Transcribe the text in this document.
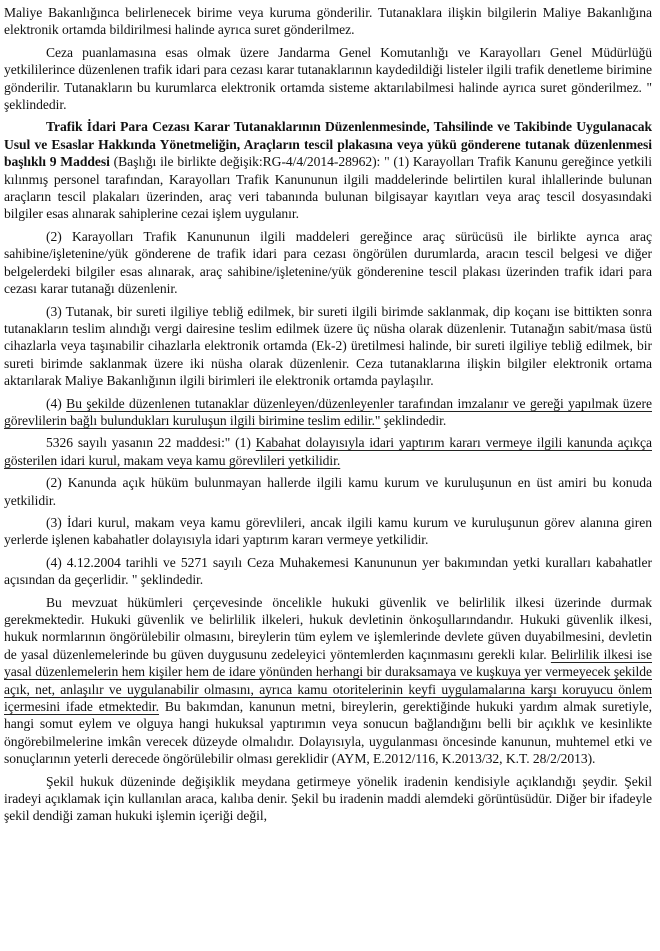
Maliye Bakanlığınca belirlenecek birime veya kuruma gönderilir. Tutanaklara ilişkin bilgilerin Maliye Bakanlığına elektronik ortamda bildirilmesi halinde ayrıca suret gönderilmez.

Ceza puanlamasına esas olmak üzere Jandarma Genel Komutanlığı ve Karayolları Genel Müdürlüğü yetkililerince düzenlenen trafik idari para cezası karar tutanaklarının kaydedildiği listeler ilgili trafik denetleme birimine gönderilir. Tutanakların bu kurumlarca elektronik ortamda sisteme aktarılabilmesi halinde ayrıca suret gönderilmez. " şeklindedir.

Trafik İdari Para Cezası Karar Tutanaklarının Düzenlenmesinde, Tahsilinde ve Takibinde Uygulanacak Usul ve Esaslar Hakkında Yönetmeliğin, Araçların tescil plakasına veya yükü gönderene tutanak düzenlenmesi başlıklı 9 Maddesi (Başlığı ile birlikte değişik:RG-4/4/2014-28962): " (1) Karayolları Trafik Kanunu gereğince yetkili kılınmış personel tarafından, Karayolları Trafik Kanununun ilgili maddelerinde belirtilen kural ihlallerinde bulunan araçların tescil plakaları üzerinden, araç veri tabanında bulunan bilgisayar kayıtları veya araç tescil dosyasındaki bilgiler esas alınarak sahiplerine cezai işlem uygulanır.

(2) Karayolları Trafik Kanununun ilgili maddeleri gereğince araç sürücüsü ile birlikte ayrıca araç sahibine/işletenine/yük gönderene de trafik idari para cezası öngörülen durumlarda, aracın tescil belgesi ve diğer belgelerdeki bilgiler esas alınarak, araç sahibine/işletenine/yük gönderenine tescil plakası üzerinden trafik idari para cezası karar tutanağı düzenlenir.

(3) Tutanak, bir sureti ilgiliye tebliğ edilmek, bir sureti ilgili birimde saklanmak, dip koçanı ise bittikten sonra tutanakların teslim alındığı vergi dairesine teslim edilmek üzere üç nüsha olarak düzenlenir. Tutanağın sabit/masa üstü cihazlarla veya taşınabilir cihazlarla elektronik ortamda (Ek-2) üretilmesi halinde, bir sureti ilgiliye tebliğ edilmek, bir sureti birimde saklanmak üzere iki nüsha olarak düzenlenir. Ceza tutanaklarına ilişkin bilgiler elektronik ortama aktarılarak Maliye Bakanlığının ilgili birimleri ile elektronik ortamda paylaşılır.

(4) Bu şekilde düzenlenen tutanaklar düzenleyen/düzenleyenler tarafından imzalanır ve gereği yapılmak üzere görevlilerin bağlı bulundukları kuruluşun ilgili birimine teslim edilir." şeklindedir.

5326 sayılı yasanın 22 maddesi:" (1) Kabahat dolayısıyla idari yaptırım kararı vermeye ilgili kanunda açıkça gösterilen idari kurul, makam veya kamu görevlileri yetkilidir.

(2) Kanunda açık hüküm bulunmayan hallerde ilgili kamu kurum ve kuruluşunun en üst amiri bu konuda yetkilidir.

(3) İdari kurul, makam veya kamu görevlileri, ancak ilgili kamu kurum ve kuruluşunun görev alanına giren yerlerde işlenen kabahatler dolayısıyla idari yaptırım kararı vermeye yetkilidir.

(4) 4.12.2004 tarihli ve 5271 sayılı Ceza Muhakemesi Kanununun yer bakımından yetki kuralları kabahatler açısından da geçerlidir. " şeklindedir.

Bu mevzuat hükümleri çerçevesinde öncelikle hukuki güvenlik ve belirlilik ilkesi üzerinde durmak gerekmektedir. Hukuki güvenlik ve belirlilik ilkeleri, hukuk devletinin önkoşullarındandır. Hukuki güvenlik ilkesi, hukuk normlarının öngörülebilir olmasını, bireylerin tüm eylem ve işlemlerinde devlete güven duyabilmesini, devletin de yasal düzenlemelerinde bu güven duygusunu zedeleyici yöntemlerden kaçınmasını gerekli kılar. Belirlilik ilkesi ise yasal düzenlemelerin hem kişiler hem de idare yönünden herhangi bir duraksamaya ve kuşkuya yer vermeyecek şekilde açık, net, anlaşılır ve uygulanabilir olmasını, ayrıca kamu otoritelerinin keyfi uygulamalarına karşı koruyucu önlem içermesini ifade etmektedir. Bu bakımdan, kanunun metni, bireylerin, gerektiğinde hukuki yardım almak suretiyle, hangi somut eylem ve olguya hangi hukuksal yaptırımın veya sonucun bağlandığını belli bir açıklık ve kesinlikte öngörebilmelerine imkân verecek düzeyde olmalıdır. Dolayısıyla, uygulanması öncesinde kanunun, muhtemel etki ve sonuçlarının yeterli derecede öngörülebilir olması gereklidir (AYM, E.2012/116, K.2013/32, K.T. 28/2/2013).

Şekil hukuk düzeninde değişiklik meydana getirmeye yönelik iradenin kendisiyle açıklandığı şeydir. Şekil iradeyi açıklamak için kullanılan araca, kalıba denir. Şekil bu iradenin maddi alemdeki görüntüsüdür. Diğer bir ifadeyle şekil dendiği zaman hukuki işlemin içeriği değil,
